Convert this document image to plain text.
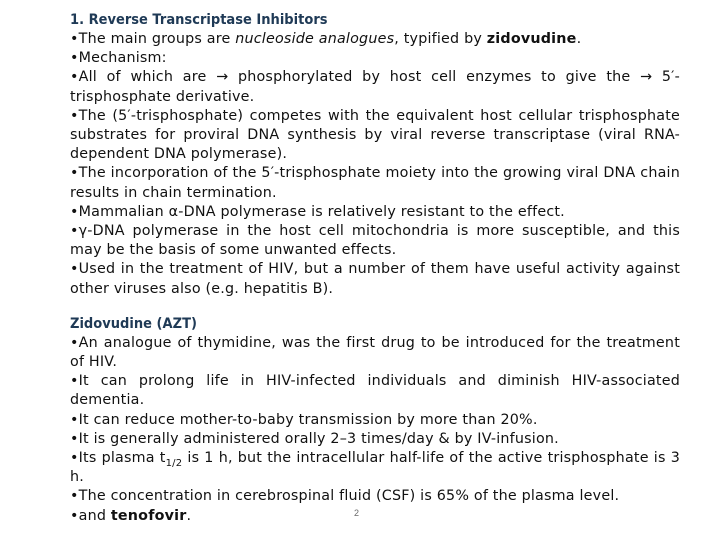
1. Reverse Transcriptase Inhibitors

•The main groups are nucleoside analogues, typified by zidovudine.

•Mechanism:

•All of which are → phosphorylated by host cell enzymes to give the → 5′-trisphosphate derivative.

•The (5′-trisphosphate) competes with the equivalent host cellular trisphosphate substrates for proviral DNA synthesis by viral reverse transcriptase (viral RNA-dependent DNA polymerase).

•The incorporation of the 5′-trisphosphate moiety into the growing viral DNA chain results in chain termination.

•Mammalian α-DNA polymerase is relatively resistant to the effect.

•γ-DNA polymerase in the host cell mitochondria is more susceptible, and this may be the basis of some unwanted effects.

•Used in the treatment of HIV, but a number of them have useful activity against other viruses also (e.g. hepatitis B).

Zidovudine (AZT)

•An analogue of thymidine, was the first drug to be introduced for the treatment of HIV.

•It can prolong life in HIV-infected individuals and diminish HIV-associated dementia.

•It can reduce mother-to-baby transmission by more than 20%.

•It is generally administered orally 2–3 times/day & by IV-infusion.

•Its plasma $t_{1/2}$ is 1 h, but the intracellular half-life of the active trisphosphate is 3 h.

•The concentration in cerebrospinal fluid (CSF) is 65% of the plasma level.

•and tenofovir.	2
